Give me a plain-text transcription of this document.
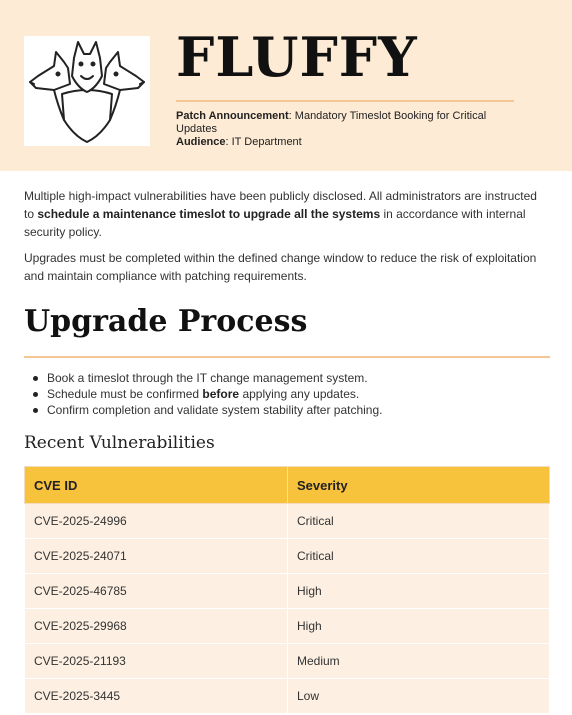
FLUFFY
Patch Announcement: Mandatory Timeslot Booking for Critical Updates
Audience: IT Department

Multiple high-impact vulnerabilities have been publicly disclosed. All administrators are instructed to schedule a maintenance timeslot to upgrade all the systems in accordance with internal security policy.

Upgrades must be completed within the defined change window to reduce the risk of exploitation and maintain compliance with patching requirements.

Upgrade Process
Book a timeslot through the IT change management system.
Schedule must be confirmed before applying any updates.
Confirm completion and validate system stability after patching.
Recent Vulnerabilities
CVE ID	Severity
CVE-2025-24996	Critical
CVE-2025-24071	Critical
CVE-2025-46785	High
CVE-2025-29968	High
CVE-2025-21193	Medium
CVE-2025-3445	Low
